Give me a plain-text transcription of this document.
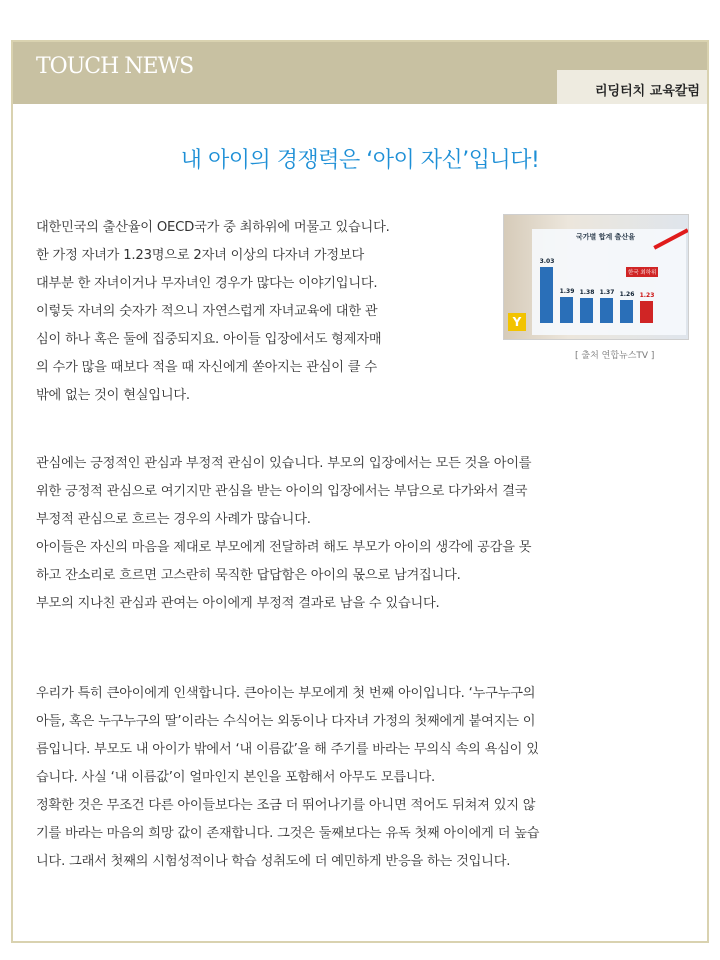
TOUCH NEWS
리딩터치 교육칼럼
내 아이의 경쟁력은 ‘아이 자신’입니다!
대한민국의 출산율이 OECD국가 중 최하위에 머물고 있습니다.
한 가정 자녀가 1.23명으로 2자녀 이상의 다자녀 가정보다
대부분 한 자녀이거나 무자녀인 경우가 많다는 이야기입니다.
이렇듯 자녀의 숫자가 적으니 자연스럽게 자녀교육에 대한 관
심이 하나 혹은 둘에 집중되지요. 아이들 입장에서도 형제자매
의 수가 많을 때보다 적을 때 자신에게 쏟아지는 관심이 클 수
밖에 없는 것이 현실입니다.
국가별 합계 출산율
3.03
1.39 1.38 1.37 1.26 1.23
한국 최하위
Y
[ 출처 연합뉴스TV ]
관심에는 긍정적인 관심과 부정적 관심이 있습니다. 부모의 입장에서는 모든 것을 아이를
위한 긍정적 관심으로 여기지만 관심을 받는 아이의 입장에서는 부담으로 다가와서 결국
부정적 관심으로 흐르는 경우의 사례가 많습니다.
아이들은 자신의 마음을 제대로 부모에게 전달하려 해도 부모가 아이의 생각에 공감을 못
하고 잔소리로 흐르면 고스란히 묵직한 답답함은 아이의 몫으로 남겨집니다.
부모의 지나친 관심과 관여는 아이에게 부정적 결과로 남을 수 있습니다.
우리가 특히 큰아이에게 인색합니다. 큰아이는 부모에게 첫 번째 아이입니다. ‘누구누구의
아들, 혹은 누구누구의 딸’이라는 수식어는 외동이나 다자녀 가정의 첫째에게 붙여지는 이
름입니다. 부모도 내 아이가 밖에서 ‘내 이름값’을 해 주기를 바라는 무의식 속의 욕심이 있
습니다. 사실 ‘내 이름값’이 얼마인지 본인을 포함해서 아무도 모릅니다.
정확한 것은 무조건 다른 아이들보다는 조금 더 뛰어나기를 아니면 적어도 뒤쳐져 있지 않
기를 바라는 마음의 희망 값이 존재합니다. 그것은 둘째보다는 유독 첫째 아이에게 더 높습
니다. 그래서 첫째의 시험성적이나 학습 성취도에 더 예민하게 반응을 하는 것입니다.
